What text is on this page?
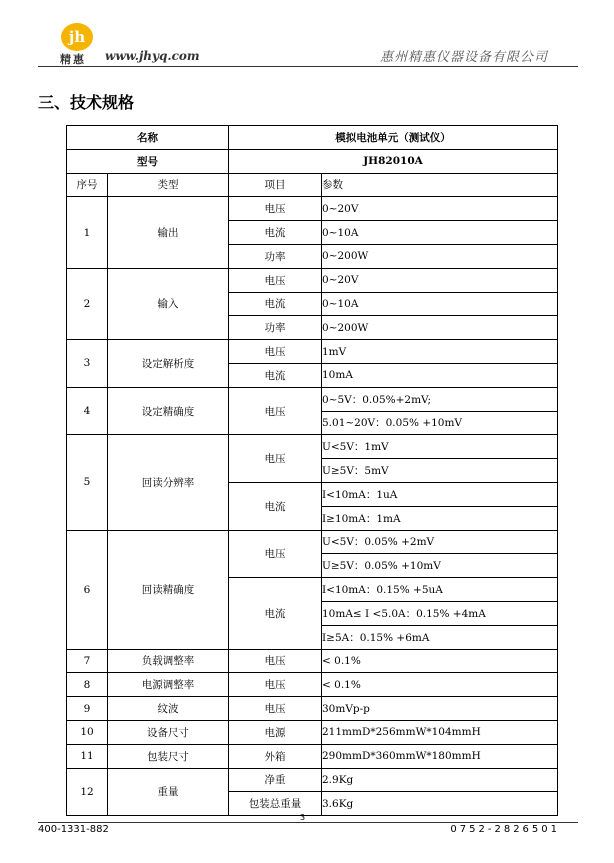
jh
精惠 www.jhyq.com	惠州精惠仪器设备有限公司
三、技术规格
名称		模拟电池单元（测试仪）	
型号		JH82010A	
序号	类型	项目	参数
1	输出	电压	0~20V
		电流	0~10A
		功率	0~200W
2	输入	电压	0~20V
		电流	0~10A
		功率	0~200W
3	设定解析度	电压	1mV
		电流	10mA
4	设定精确度	电压	0~5V：0.05%+2mV;
			5.01~20V：0.05% +10mV
5	回读分辨率	电压	U<5V：1mV
			U≥5V：5mV
		电流	I<10mA：1uA
			I≥10mA：1mA
6	回读精确度	电压	U<5V：0.05% +2mV
			U≥5V：0.05% +10mV
		电流	I<10mA：0.15% +5uA
			10mA≤ I <5.0A：0.15% +4mA
			I≥5A：0.15% +6mA
7	负载调整率	电压	< 0.1%
8	电源调整率	电压	< 0.1%
9	纹波	电压	30mVp-p
10	设备尺寸	电源	211mmD*256mmW*104mmH
11	包装尺寸	外箱	290mmD*360mmW*180mmH
12	重量	净重	2.9Kg
		包装总重量	3.6Kg
3
400-1331-882	0752-2826501
